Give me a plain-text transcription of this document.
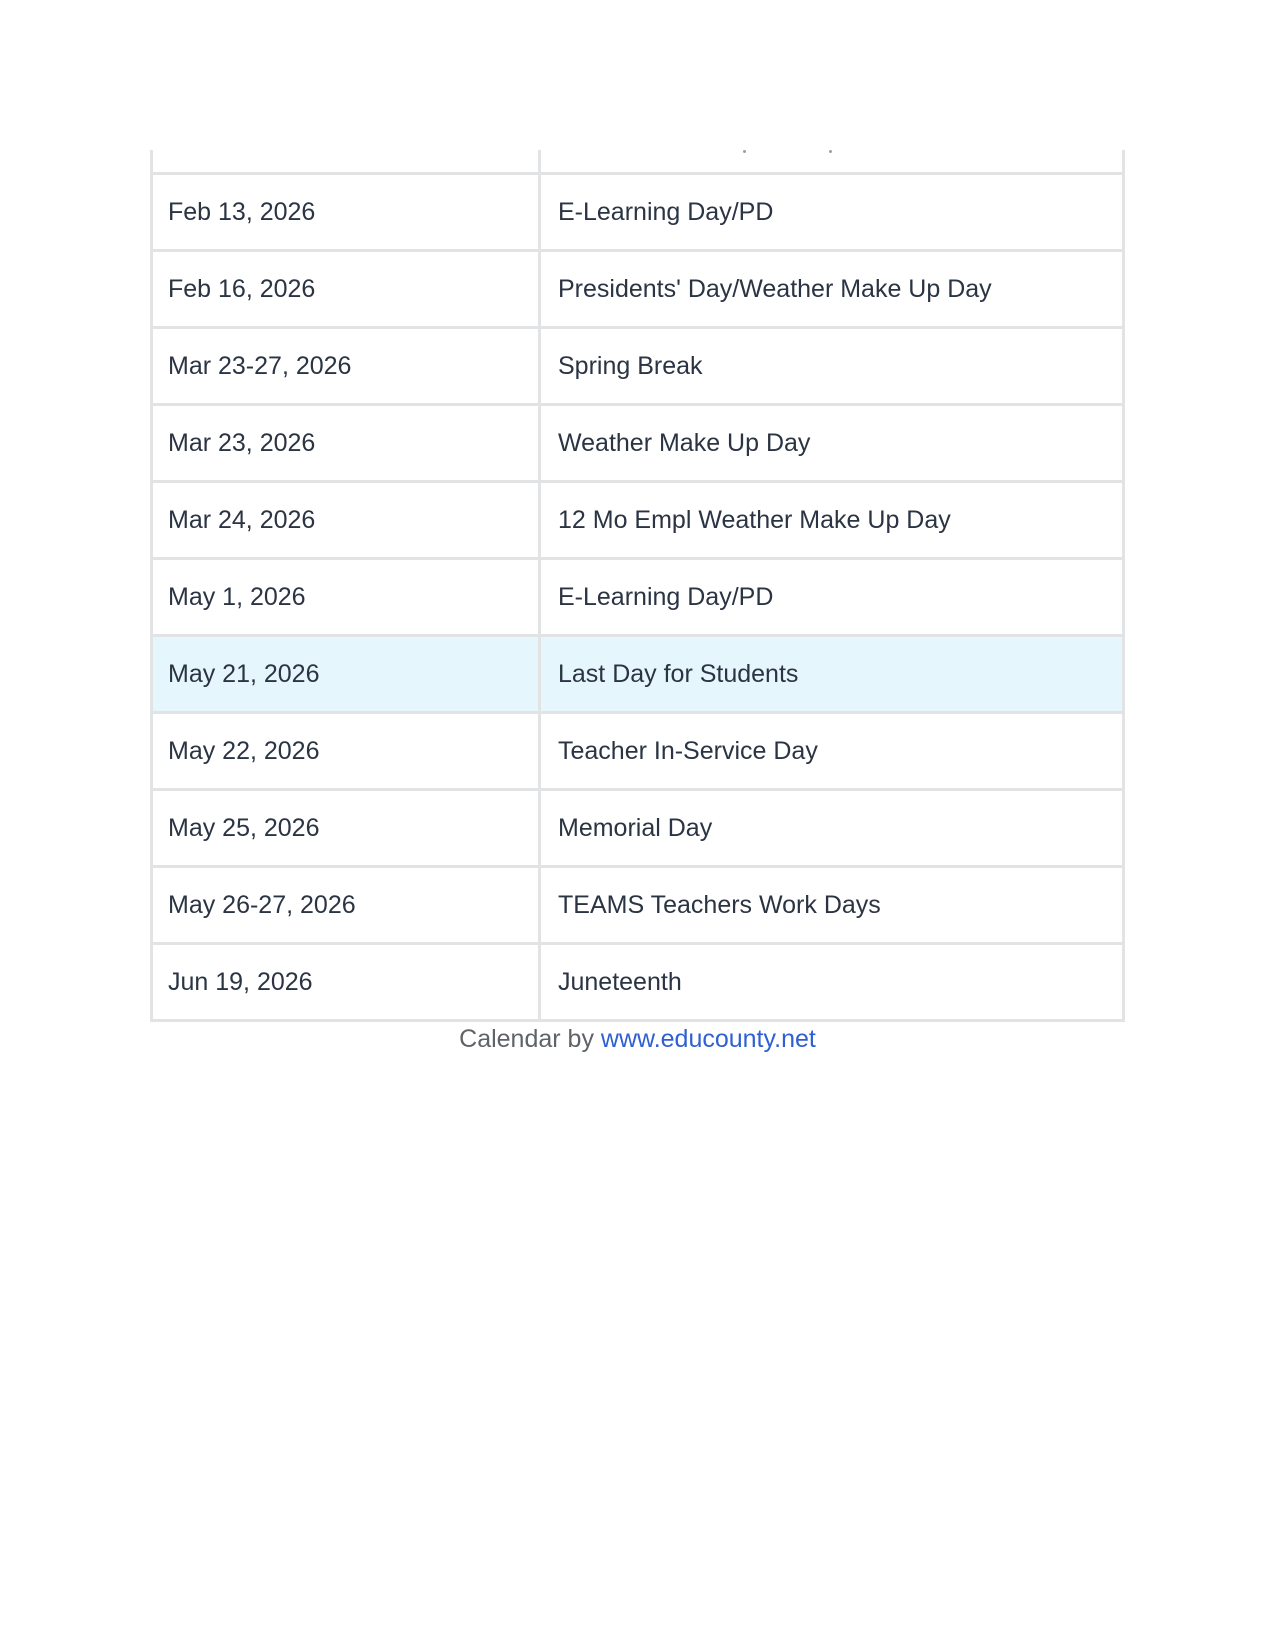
Feb 13, 2026	E-Learning Day/PD
Feb 16, 2026	Presidents' Day/Weather Make Up Day
Mar 23-27, 2026	Spring Break
Mar 23, 2026	Weather Make Up Day
Mar 24, 2026	12 Mo Empl Weather Make Up Day
May 1, 2026	E-Learning Day/PD
May 21, 2026	Last Day for Students
May 22, 2026	Teacher In-Service Day
May 25, 2026	Memorial Day
May 26-27, 2026	TEAMS Teachers Work Days
Jun 19, 2026	Juneteenth
Calendar by www.educounty.net
